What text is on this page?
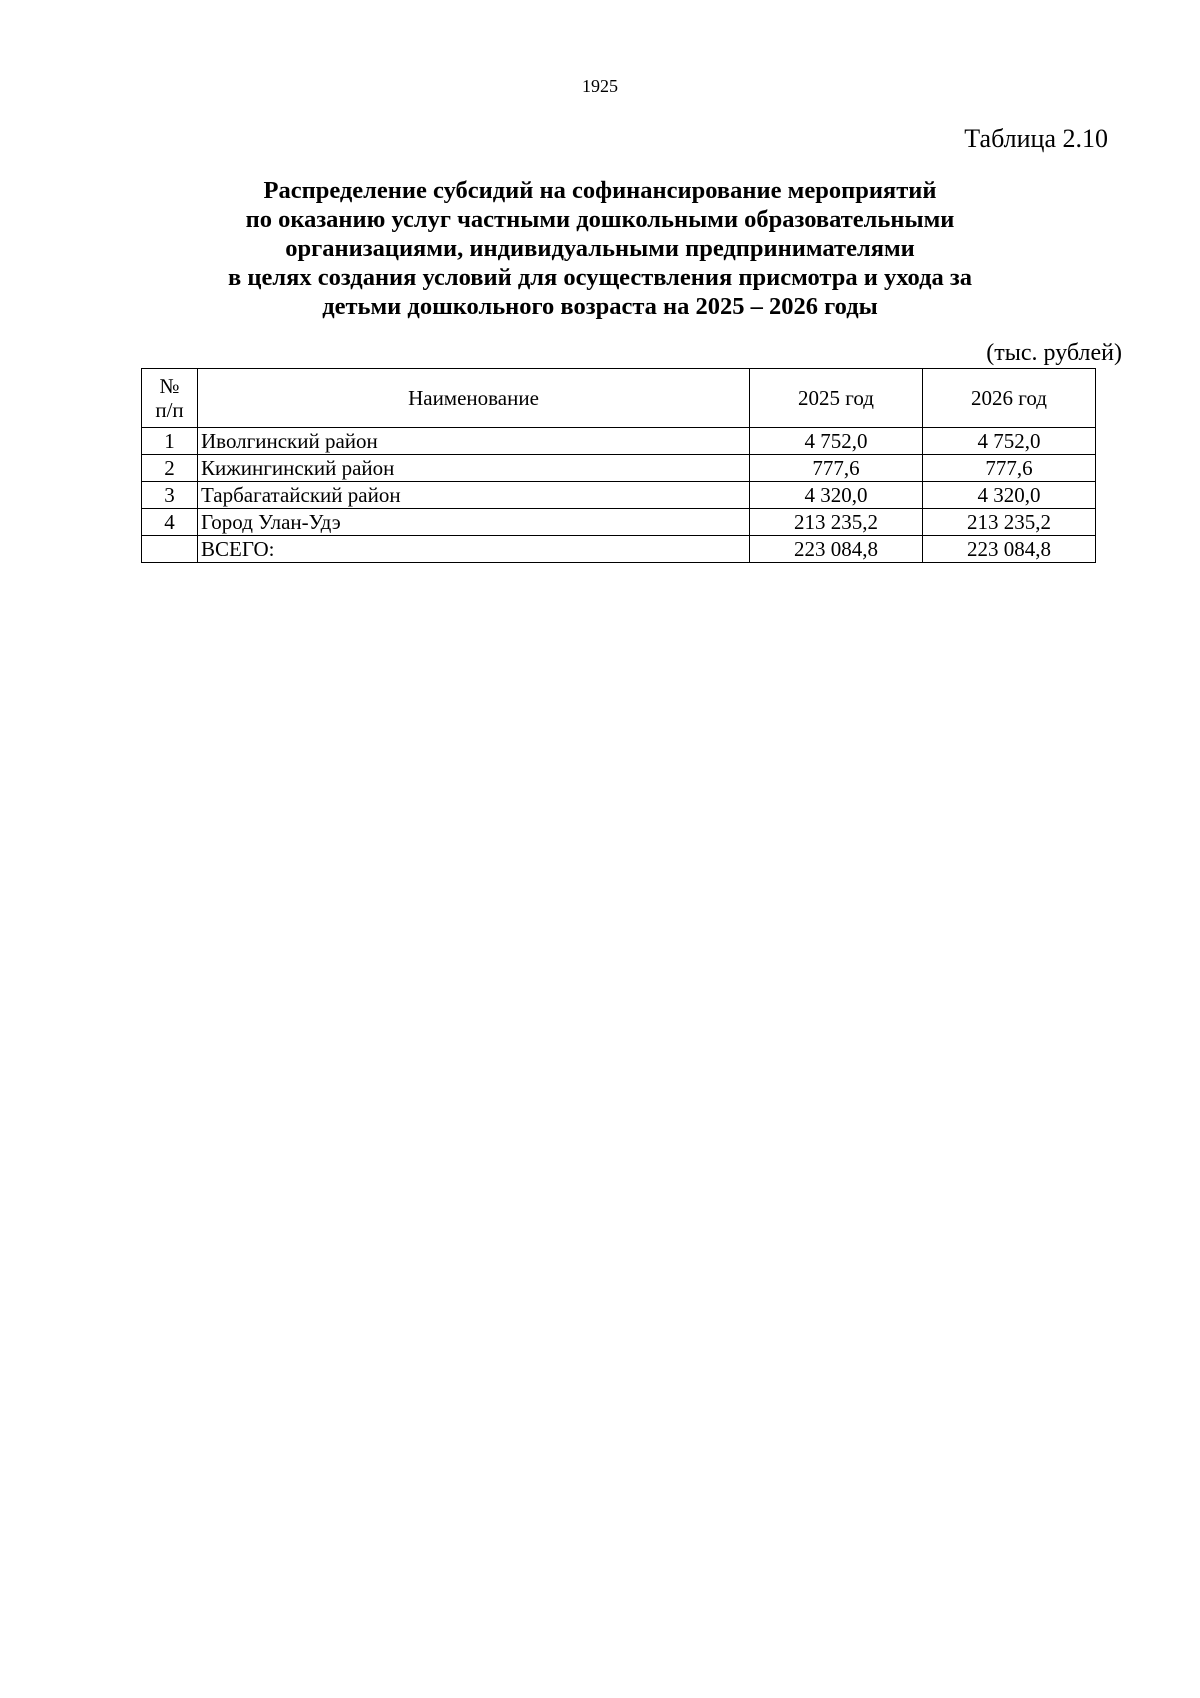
1925
Таблица 2.10
Распределение субсидий на софинансирование мероприятий
по оказанию услуг частными дошкольными образовательными
организациями, индивидуальными предпринимателями
в целях создания условий для осуществления присмотра и ухода за
детьми дошкольного возраста на 2025 – 2026 годы
(тыс. рублей)
№
п/п	Наименование	2025 год	2026 год
1	Иволгинский район	4 752,0	4 752,0
2	Кижингинский район	777,6	777,6
3	Тарбагатайский район	4 320,0	4 320,0
4	Город Улан-Удэ	213 235,2	213 235,2
	ВСЕГО:	223 084,8	223 084,8
